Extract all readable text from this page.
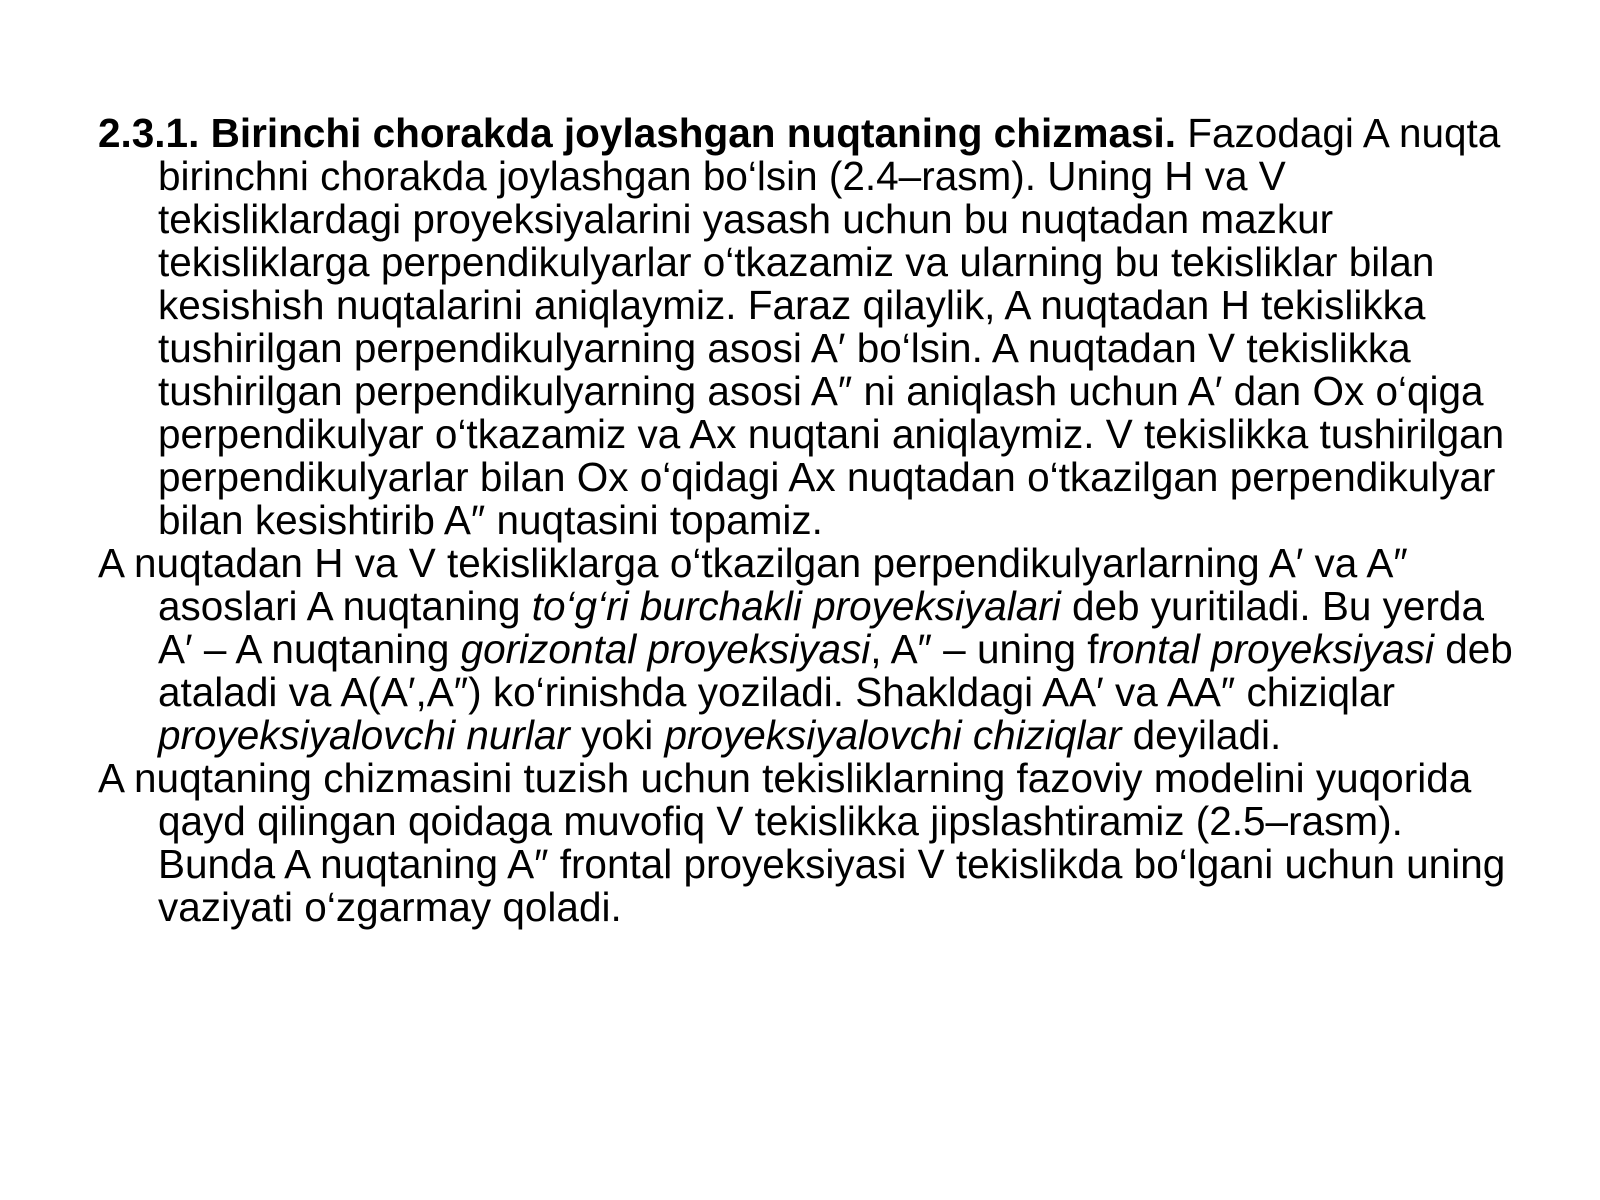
2.3.1. Birinchi chorakda joylashgan nuqtaning chizmasi. Fazodagi A nuqta birinchni chorakda joylashgan bo‘lsin (2.4–rasm). Uning H va V tekisliklardagi proyeksiyalarini yasash uchun bu nuqtadan mazkur tekisliklarga perpendikulyarlar o‘tkazamiz va ularning bu tekisliklar bilan kesishish nuqtalarini aniqlaymiz. Faraz qilaylik, A nuqtadan H tekislikka tushirilgan perpendikulyarning asosi A′ bo‘lsin. A nuqtadan V tekislikka tushirilgan perpendikulyarning asosi A″ ni aniqlash uchun A′ dan Ox o‘qiga perpendikulyar o‘tkazamiz va Ax nuqtani aniqlaymiz. V tekislikka tushirilgan perpendikulyarlar bilan Ox o‘qidagi Ax nuqtadan o‘tkazilgan perpendikulyar bilan kesishtirib A″ nuqtasini topamiz.

A nuqtadan H va V tekisliklarga o‘tkazilgan perpendikulyarlarning A′ va A″ asoslari A nuqtaning to‘g‘ri burchakli proyeksiyalari deb yuritiladi. Bu yerda A′ – A nuqtaning gorizontal proyeksiyasi, A″ – uning frontal proyeksiyasi deb ataladi va A(A′,A″) ko‘rinishda yoziladi. Shakldagi AA′ va AA″ chiziqlar proyeksiyalovchi nurlar yoki proyeksiyalovchi chiziqlar deyiladi.

A nuqtaning chizmasini tuzish uchun tekisliklarning fazoviy modelini yuqorida qayd qilingan qoidaga muvofiq V tekislikka jipslashtiramiz (2.5–rasm). Bunda A nuqtaning A″ frontal proyeksiyasi V tekislikda bo‘lgani uchun uning vaziyati o‘zgarmay qoladi.
